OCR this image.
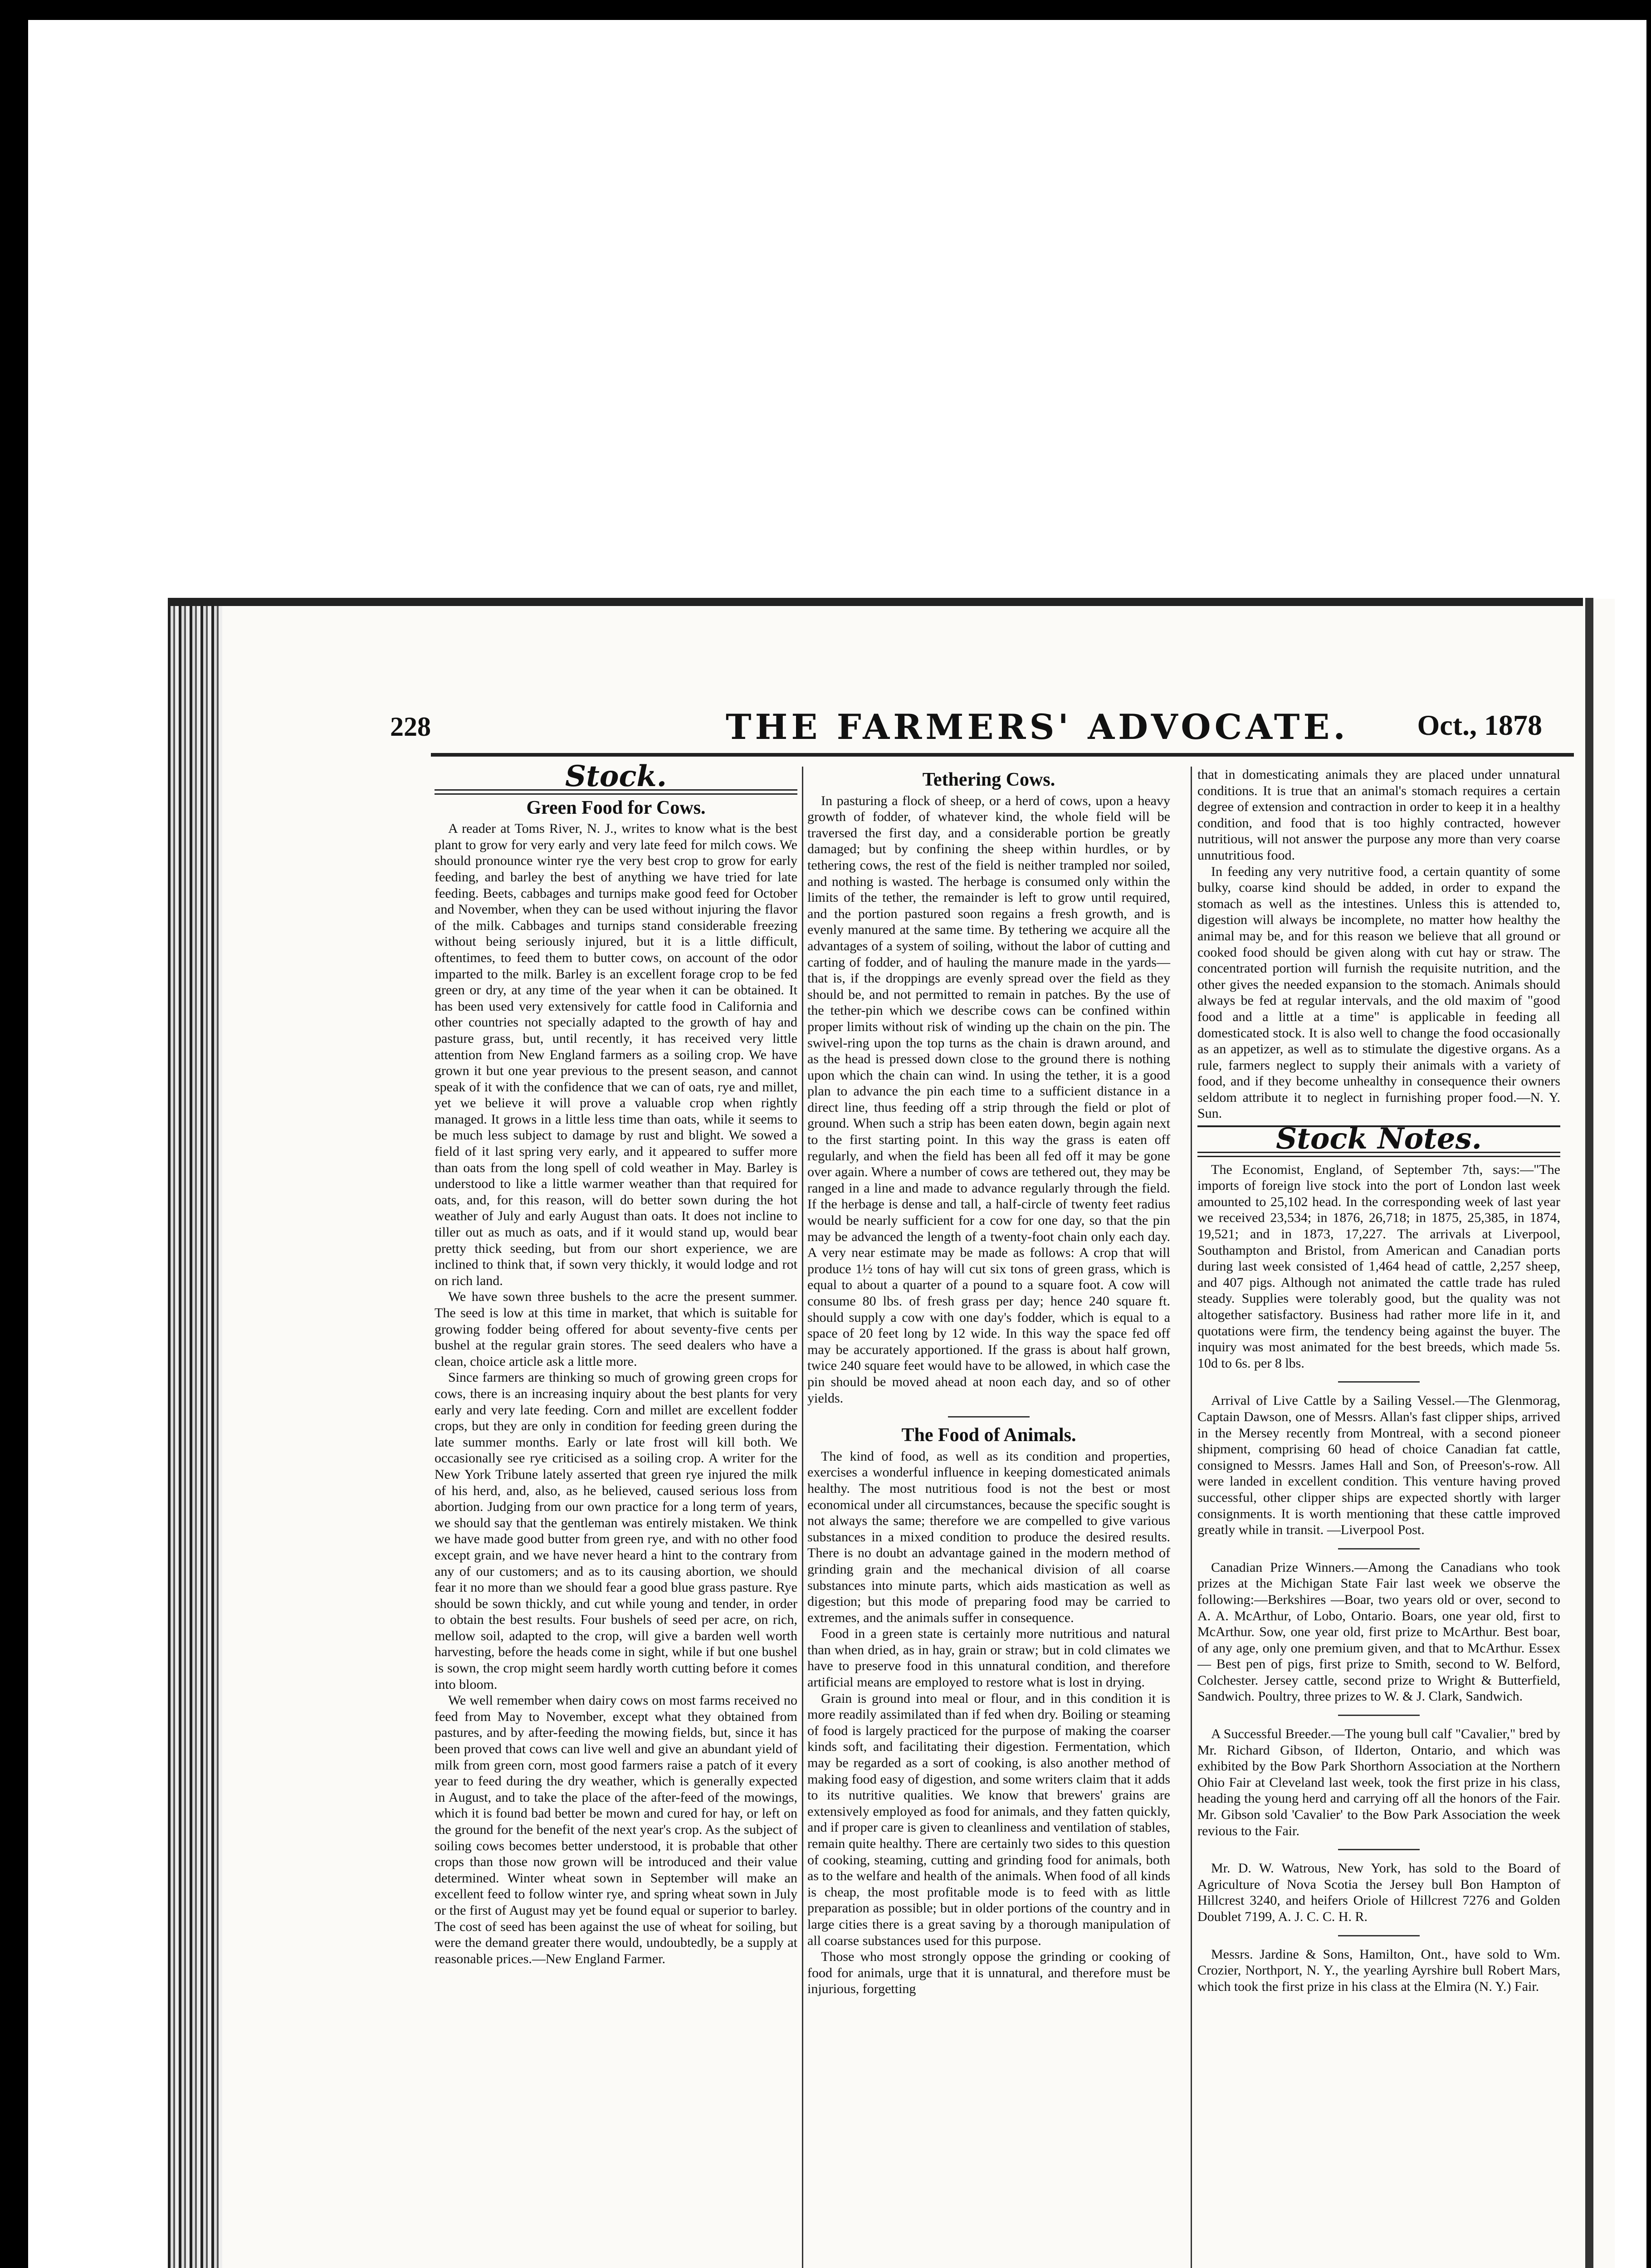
228	THE FARMERS' ADVOCATE. Oct., 1878
Stock.
Green Food for Cows.

A reader at Toms River, N. J., writes to know what is the best plant to grow for very early and very late feed for milch cows. We should pronounce winter rye the very best crop to grow for early feeding, and barley the best of anything we have tried for late feeding. Beets, cabbages and turnips make good feed for October and November, when they can be used without injuring the flavor of the milk. Cabbages and turnips stand considerable freezing without being seriously injured, but it is a little difficult, oftentimes, to feed them to butter cows, on account of the odor imparted to the milk. Barley is an excellent forage crop to be fed green or dry, at any time of the year when it can be obtained. It has been used very extensively for cattle food in California and other countries not specially adapted to the growth of hay and pasture grass, but, until recently, it has received very little attention from New England farmers as a soiling crop. We have grown it but one year previous to the present season, and cannot speak of it with the confidence that we can of oats, rye and millet, yet we believe it will prove a valuable crop when rightly managed. It grows in a little less time than oats, while it seems to be much less subject to damage by rust and blight. We sowed a field of it last spring very early, and it appeared to suffer more than oats from the long spell of cold weather in May. Barley is understood to like a little warmer weather than that required for oats, and, for this reason, will do better sown during the hot weather of July and early August than oats. It does not incline to tiller out as much as oats, and if it would stand up, would bear pretty thick seeding, but from our short experience, we are inclined to think that, if sown very thickly, it would lodge and rot on rich land.

We have sown three bushels to the acre the present summer. The seed is low at this time in market, that which is suitable for growing fodder being offered for about seventy-five cents per bushel at the regular grain stores. The seed dealers who have a clean, choice article ask a little more.

Since farmers are thinking so much of growing green crops for cows, there is an increasing inquiry about the best plants for very early and very late feeding. Corn and millet are excellent fodder crops, but they are only in condition for feeding green during the late summer months. Early or late frost will kill both. We occasionally see rye criticised as a soiling crop. A writer for the New York Tribune lately asserted that green rye injured the milk of his herd, and, also, as he believed, caused serious loss from abortion. Judging from our own practice for a long term of years, we should say that the gentleman was entirely mistaken. We think we have made good butter from green rye, and with no other food except grain, and we have never heard a hint to the contrary from any of our customers; and as to its causing abortion, we should fear it no more than we should fear a good blue grass pasture. Rye should be sown thickly, and cut while young and tender, in order to obtain the best results. Four bushels of seed per acre, on rich, mellow soil, adapted to the crop, will give a barden well worth harvesting, before the heads come in sight, while if but one bushel is sown, the crop might seem hardly worth cutting before it comes into bloom.

We well remember when dairy cows on most farms received no feed from May to November, except what they obtained from pastures, and by after-feeding the mowing fields, but, since it has been proved that cows can live well and give an abundant yield of milk from green corn, most good farmers raise a patch of it every year to feed during the dry weather, which is generally expected in August, and to take the place of the after-feed of the mowings, which it is found bad better be mown and cured for hay, or left on the ground for the benefit of the next year's crop. As the subject of soiling cows becomes better understood, it is probable that other crops than those now grown will be introduced and their value determined. Winter wheat sown in September will make an excellent feed to follow winter rye, and spring wheat sown in July or the first of August may yet be found equal or superior to barley. The cost of seed has been against the use of wheat for soiling, but were the demand greater there would, undoubtedly, be a supply at reasonable prices.—New England Farmer.

Tethering Cows.

In pasturing a flock of sheep, or a herd of cows, upon a heavy growth of fodder, of whatever kind, the whole field will be traversed the first day, and a considerable portion be greatly damaged; but by confining the sheep within hurdles, or by tethering cows, the rest of the field is neither trampled nor soiled, and nothing is wasted. The herbage is consumed only within the limits of the tether, the remainder is left to grow until required, and the portion pastured soon regains a fresh growth, and is evenly manured at the same time. By tethering we acquire all the advantages of a system of soiling, without the labor of cutting and carting of fodder, and of hauling the manure made in the yards—that is, if the droppings are evenly spread over the field as they should be, and not permitted to remain in patches. By the use of the tether-pin which we describe cows can be confined within proper limits without risk of winding up the chain on the pin. The swivel-ring upon the top turns as the chain is drawn around, and as the head is pressed down close to the ground there is nothing upon which the chain can wind. In using the tether, it is a good plan to advance the pin each time to a sufficient distance in a direct line, thus feeding off a strip through the field or plot of ground. When such a strip has been eaten down, begin again next to the first starting point. In this way the grass is eaten off regularly, and when the field has been all fed off it may be gone over again. Where a number of cows are tethered out, they may be ranged in a line and made to advance regularly through the field. If the herbage is dense and tall, a half-circle of twenty feet radius would be nearly sufficient for a cow for one day, so that the pin may be advanced the length of a twenty-foot chain only each day. A very near estimate may be made as follows: A crop that will produce 1½ tons of hay will cut six tons of green grass, which is equal to about a quarter of a pound to a square foot. A cow will consume 80 lbs. of fresh grass per day; hence 240 square ft. should supply a cow with one day's fodder, which is equal to a space of 20 feet long by 12 wide. In this way the space fed off may be accurately apportioned. If the grass is about half grown, twice 240 square feet would have to be allowed, in which case the pin should be moved ahead at noon each day, and so of other yields.

The Food of Animals.

The kind of food, as well as its condition and properties, exercises a wonderful influence in keeping domesticated animals healthy. The most nutritious food is not the best or most economical under all circumstances, because the specific sought is not always the same; therefore we are compelled to give various substances in a mixed condition to produce the desired results. There is no doubt an advantage gained in the modern method of grinding grain and the mechanical division of all coarse substances into minute parts, which aids mastication as well as digestion; but this mode of preparing food may be carried to extremes, and the animals suffer in consequence.

Food in a green state is certainly more nutritious and natural than when dried, as in hay, grain or straw; but in cold climates we have to preserve food in this unnatural condition, and therefore artificial means are employed to restore what is lost in drying.

Grain is ground into meal or flour, and in this condition it is more readily assimilated than if fed when dry. Boiling or steaming of food is largely practiced for the purpose of making the coarser kinds soft, and facilitating their digestion. Fermentation, which may be regarded as a sort of cooking, is also another method of making food easy of digestion, and some writers claim that it adds to its nutritive qualities. We know that brewers' grains are extensively employed as food for animals, and they fatten quickly, and if proper care is given to cleanliness and ventilation of stables, remain quite healthy. There are certainly two sides to this question of cooking, steaming, cutting and grinding food for animals, both as to the welfare and health of the animals. When food of all kinds is cheap, the most profitable mode is to feed with as little preparation as possible; but in older portions of the country and in large cities there is a great saving by a thorough manipulation of all coarse substances used for this purpose.

Those who most strongly oppose the grinding or cooking of food for animals, urge that it is unnatural, and therefore must be injurious, forgetting

that in domesticating animals they are placed under unnatural conditions. It is true that an animal's stomach requires a certain degree of extension and contraction in order to keep it in a healthy condition, and food that is too highly contracted, however nutritious, will not answer the purpose any more than very coarse unnutritious food.

In feeding any very nutritive food, a certain quantity of some bulky, coarse kind should be added, in order to expand the stomach as well as the intestines. Unless this is attended to, digestion will always be incomplete, no matter how healthy the animal may be, and for this reason we believe that all ground or cooked food should be given along with cut hay or straw. The concentrated portion will furnish the requisite nutrition, and the other gives the needed expansion to the stomach. Animals should always be fed at regular intervals, and the old maxim of "good food and a little at a time" is applicable in feeding all domesticated stock. It is also well to change the food occasionally as an appetizer, as well as to stimulate the digestive organs. As a rule, farmers neglect to supply their animals with a variety of food, and if they become unhealthy in consequence their owners seldom attribute it to neglect in furnishing proper food.—N. Y. Sun.

Stock Notes.

The Economist, England, of September 7th, says:—"The imports of foreign live stock into the port of London last week amounted to 25,102 head. In the corresponding week of last year we received 23,534; in 1876, 26,718; in 1875, 25,385, in 1874, 19,521; and in 1873, 17,227. The arrivals at Liverpool, Southampton and Bristol, from American and Canadian ports during last week consisted of 1,464 head of cattle, 2,257 sheep, and 407 pigs. Although not animated the cattle trade has ruled steady. Supplies were tolerably good, but the quality was not altogether satisfactory. Business had rather more life in it, and quotations were firm, the tendency being against the buyer. The inquiry was most animated for the best breeds, which made 5s. 10d to 6s. per 8 lbs.

Arrival of Live Cattle by a Sailing Vessel.—The Glenmorag, Captain Dawson, one of Messrs. Allan's fast clipper ships, arrived in the Mersey recently from Montreal, with a second pioneer shipment, comprising 60 head of choice Canadian fat cattle, consigned to Messrs. James Hall and Son, of Preeson's-row. All were landed in excellent condition. This venture having proved successful, other clipper ships are expected shortly with larger consignments. It is worth mentioning that these cattle improved greatly while in transit. —Liverpool Post.

Canadian Prize Winners.—Among the Canadians who took prizes at the Michigan State Fair last week we observe the following:—Berkshires —Boar, two years old or over, second to A. A. McArthur, of Lobo, Ontario. Boars, one year old, first to McArthur. Sow, one year old, first prize to McArthur. Best boar, of any age, only one premium given, and that to McArthur. Essex— Best pen of pigs, first prize to Smith, second to W. Belford, Colchester. Jersey cattle, second prize to Wright & Butterfield, Sandwich. Poultry, three prizes to W. & J. Clark, Sandwich.

A Successful Breeder.—The young bull calf "Cavalier," bred by Mr. Richard Gibson, of Ilderton, Ontario, and which was exhibited by the Bow Park Shorthorn Association at the Northern Ohio Fair at Cleveland last week, took the first prize in his class, heading the young herd and carrying off all the honors of the Fair. Mr. Gibson sold 'Cavalier' to the Bow Park Association the week revious to the Fair.

Mr. D. W. Watrous, New York, has sold to the Board of Agriculture of Nova Scotia the Jersey bull Bon Hampton of Hillcrest 3240, and heifers Oriole of Hillcrest 7276 and Golden Doublet 7199, A. J. C. C. H. R.

Messrs. Jardine & Sons, Hamilton, Ont., have sold to Wm. Crozier, Northport, N. Y., the yearling Ayrshire bull Robert Mars, which took the first prize in his class at the Elmira (N. Y.) Fair.
